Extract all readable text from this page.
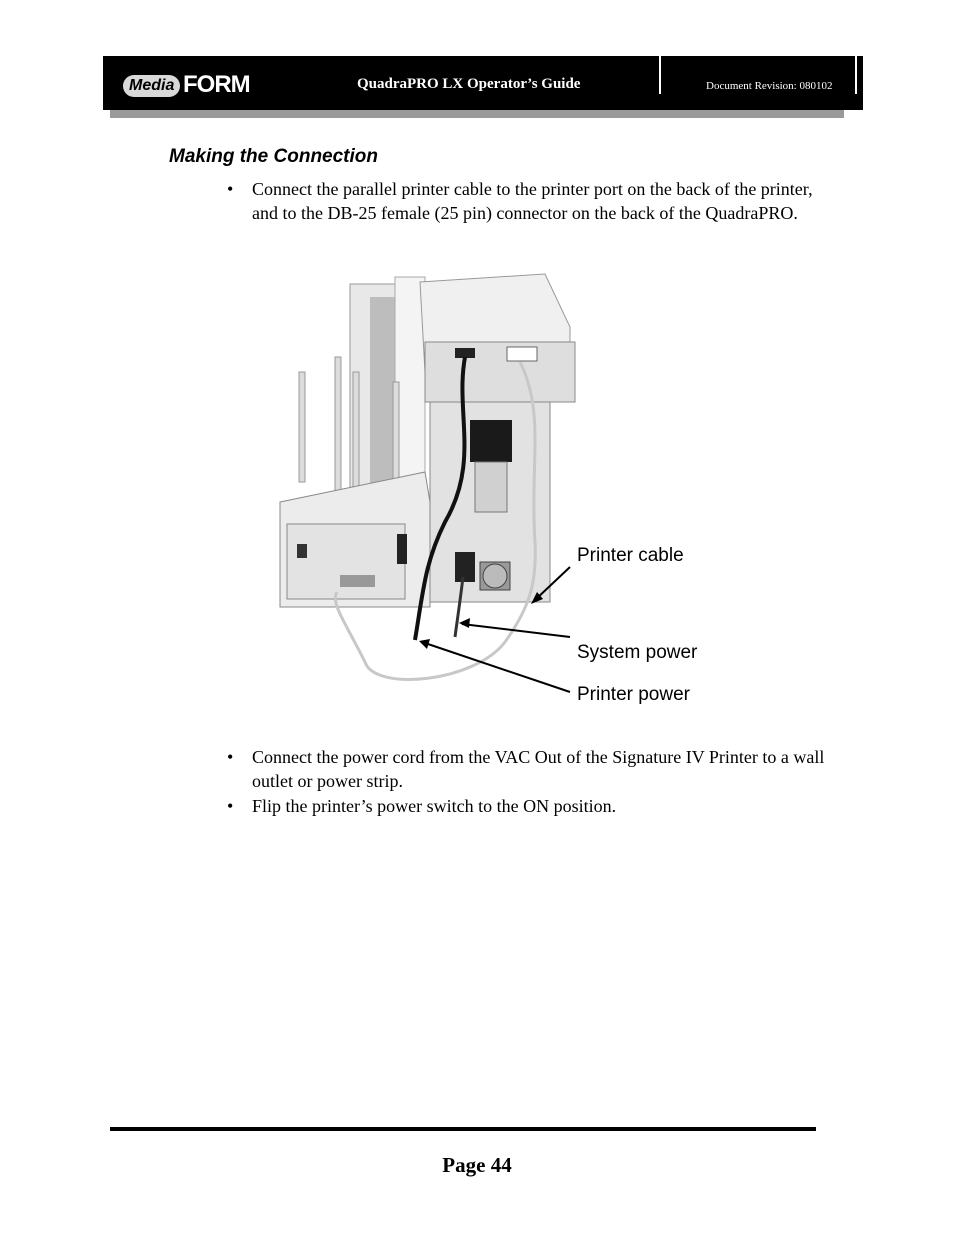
Media FORM	QuadraPRO LX Operator’s Guide	Document Revision: 080102
Making the Connection
• Connect the parallel printer cable to the printer port on the back of the printer, and to the DB-25 female (25 pin) connector on the back of the QuadraPRO.
Printer cable
System power
Printer power
• Connect the power cord from the VAC Out of the Signature IV Printer to a wall outlet or power strip.
• Flip the printer’s power switch to the ON position.
Page 44
